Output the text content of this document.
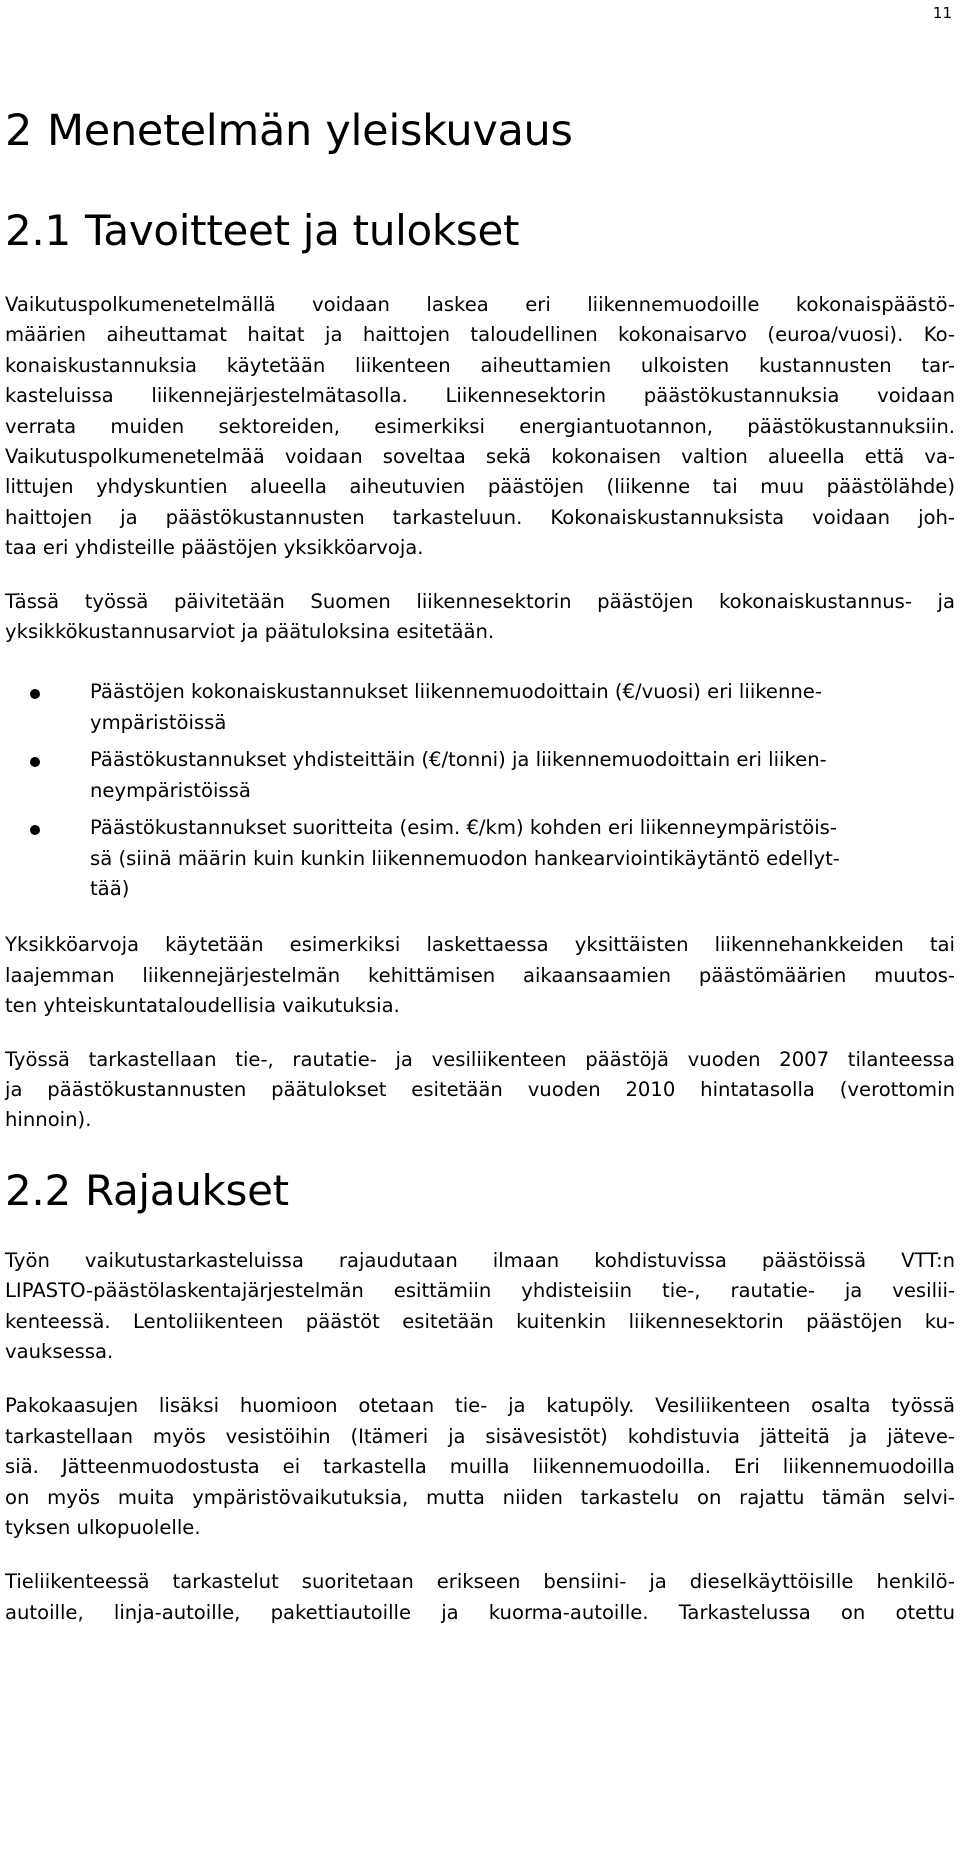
11
2 Menetelmän yleiskuvaus
2.1 Tavoitteet ja tulokset
Vaikutuspolkumenetelmällä voidaan laskea eri liikennemuodoille kokonaispäästö-
määrien aiheuttamat haitat ja haittojen taloudellinen kokonaisarvo (euroa/vuosi). Ko-
konaiskustannuksia käytetään liikenteen aiheuttamien ulkoisten kustannusten tar-
kasteluissa liikennejärjestelmätasolla. Liikennesektorin päästökustannuksia voidaan
verrata muiden sektoreiden, esimerkiksi energiantuotannon, päästökustannuksiin.
Vaikutuspolkumenetelmää voidaan soveltaa sekä kokonaisen valtion alueella että va-
littujen yhdyskuntien alueella aiheutuvien päästöjen (liikenne tai muu päästölähde)
haittojen ja päästökustannusten tarkasteluun. Kokonaiskustannuksista voidaan joh-
taa eri yhdisteille päästöjen yksikköarvoja.
Tässä työssä päivitetään Suomen liikennesektorin päästöjen kokonaiskustannus- ja
yksikkökustannusarviot ja päätuloksina esitetään.
Päästöjen kokonaiskustannukset liikennemuodoittain (€/vuosi) eri liikenne-
ympäristöissä
Päästökustannukset yhdisteittäin (€/tonni) ja liikennemuodoittain eri liiken-
neympäristöissä
Päästökustannukset suoritteita (esim. €/km) kohden eri liikenneympäristöis-
sä (siinä määrin kuin kunkin liikennemuodon hankearviointikäytäntö edellyt-
tää)
Yksikköarvoja käytetään esimerkiksi laskettaessa yksittäisten liikennehankkeiden tai
laajemman liikennejärjestelmän kehittämisen aikaansaamien päästömäärien muutos-
ten yhteiskuntataloudellisia vaikutuksia.
Työssä tarkastellaan tie-, rautatie- ja vesiliikenteen päästöjä vuoden 2007 tilanteessa
ja päästökustannusten päätulokset esitetään vuoden 2010 hintatasolla (verottomin
hinnoin).
2.2 Rajaukset
Työn vaikutustarkasteluissa rajaudutaan ilmaan kohdistuvissa päästöissä VTT:n
LIPASTO-päästölaskentajärjestelmän esittämiin yhdisteisiin tie-, rautatie- ja vesilii-
kenteessä. Lentoliikenteen päästöt esitetään kuitenkin liikennesektorin päästöjen ku-
vauksessa.
Pakokaasujen lisäksi huomioon otetaan tie- ja katupöly. Vesiliikenteen osalta työssä
tarkastellaan myös vesistöihin (Itämeri ja sisävesistöt) kohdistuvia jätteitä ja jäteve-
siä. Jätteenmuodostusta ei tarkastella muilla liikennemuodoilla. Eri liikennemuodoilla
on myös muita ympäristövaikutuksia, mutta niiden tarkastelu on rajattu tämän selvi-
tyksen ulkopuolelle.
Tieliikenteessä tarkastelut suoritetaan erikseen bensiini- ja dieselkäyttöisille henkilö-
autoille, linja-autoille, pakettiautoille ja kuorma-autoille. Tarkastelussa on otettu
